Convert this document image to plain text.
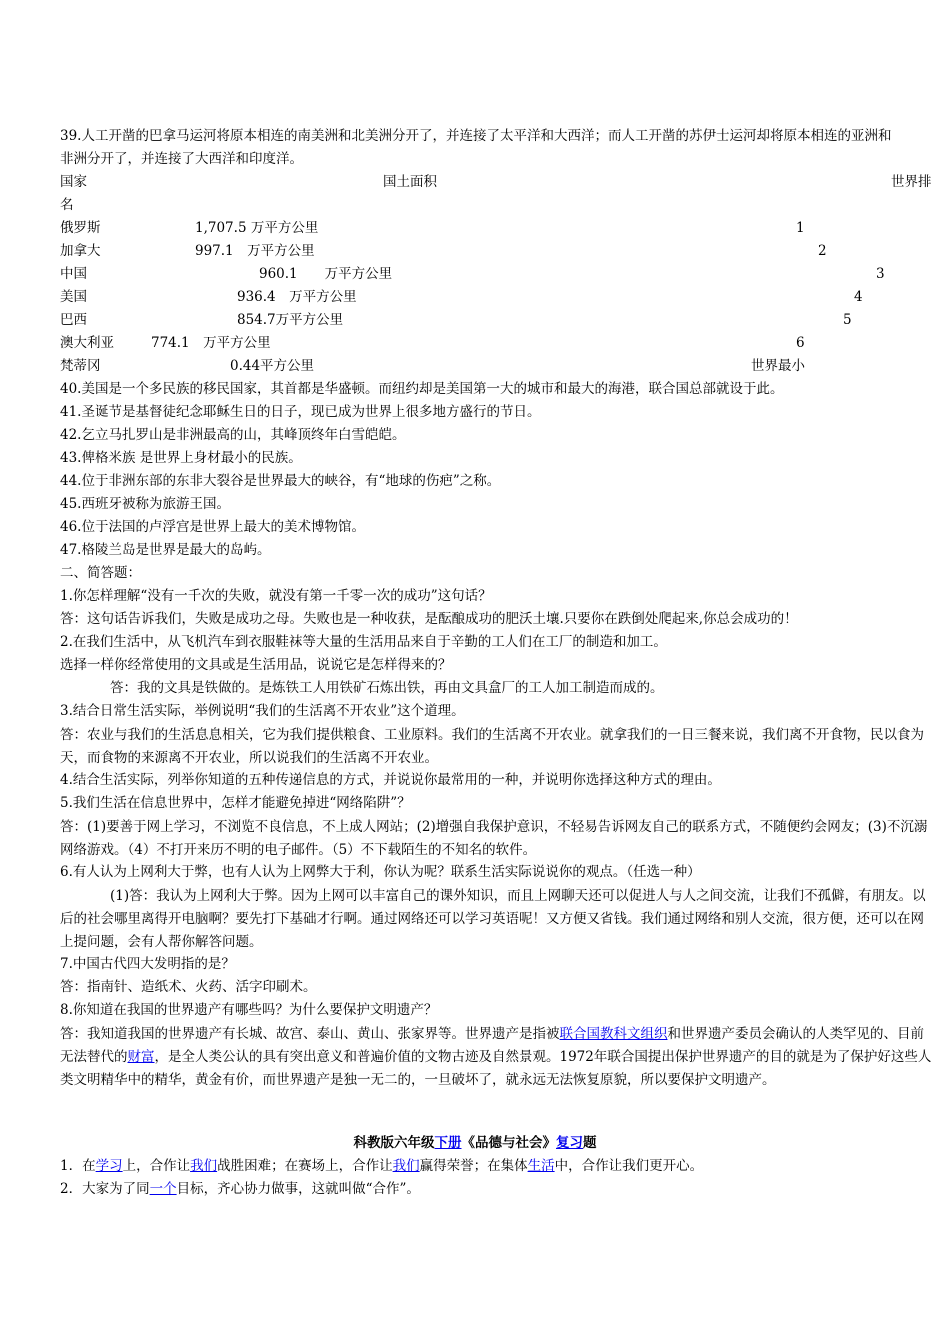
39.人工开凿的巴拿马运河将原本相连的南美洲和北美洲分开了，并连接了太平洋和大西洋；而人工开凿的苏伊士运河却将原本相连的亚洲和
非洲分开了，并连接了大西洋和印度洋。
国家	国土面积	世界排
名
俄罗斯	1,707.5 万平方公里	1
加拿大	997.1　万平方公里	2
中国	960.1　　万平方公里	3
美国	936.4　万平方公里	4
巴西	854.7万平方公里	5
澳大利亚	774.1　万平方公里	6
梵蒂冈	0.44平方公里	世界最小
40.美国是一个多民族的移民国家，其首都是华盛顿。而纽约却是美国第一大的城市和最大的海港，联合国总部就设于此。
41.圣诞节是基督徒纪念耶稣生日的日子，现已成为世界上很多地方盛行的节日。
42.乞立马扎罗山是非洲最高的山，其峰顶终年白雪皑皑。
43.俾格米族 是世界上身材最小的民族。
44.位于非洲东部的东非大裂谷是世界最大的峡谷，有“地球的伤疤”之称。
45.西班牙被称为旅游王国。
46.位于法国的卢浮宫是世界上最大的美术博物馆。
47.格陵兰岛是世界是最大的岛屿。
二、简答题：
1.你怎样理解“没有一千次的失败，就没有第一千零一次的成功”这句话？
答：这句话告诉我们，失败是成功之母。失败也是一种收获，是酝酿成功的肥沃土壤.只要你在跌倒处爬起来,你总会成功的！
2.在我们生活中，从飞机汽车到衣服鞋袜等大量的生活用品来自于辛勤的工人们在工厂的制造和加工。
选择一样你经常使用的文具或是生活用品，说说它是怎样得来的？
答：我的文具是铁做的。是炼铁工人用铁矿石炼出铁，再由文具盒厂的工人加工制造而成的。
3.结合日常生活实际，举例说明“我们的生活离不开农业”这个道理。
答：农业与我们的生活息息相关，它为我们提供粮食、工业原料。我们的生活离不开农业。就拿我们的一日三餐来说，我们离不开食物，民以食为天，而食物的来源离不开农业，所以说我们的生活离不开农业。
4.结合生活实际，列举你知道的五种传递信息的方式，并说说你最常用的一种，并说明你选择这种方式的理由。
5.我们生活在信息世界中，怎样才能避免掉进“网络陷阱”？
答：(1)要善于网上学习，不浏览不良信息，不上成人网站；(2)增强自我保护意识，不轻易告诉网友自己的联系方式，不随便约会网友；(3)不沉溺网络游戏。（4）不打开来历不明的电子邮件。（5）不下载陌生的不知名的软件。
6.有人认为上网利大于弊，也有人认为上网弊大于利，你认为呢？联系生活实际说说你的观点。（任选一种）
(1)答：我认为上网利大于弊。因为上网可以丰富自己的课外知识，而且上网聊天还可以促进人与人之间交流，让我们不孤僻，有朋友。以后的社会哪里离得开电脑啊？要先打下基础才行啊。通过网络还可以学习英语呢！又方便又省钱。我们通过网络和别人交流，很方便，还可以在网上提问题，会有人帮你解答问题。
7.中国古代四大发明指的是？
答：指南针、造纸术、火药、活字印刷术。
8.你知道在我国的世界遗产有哪些吗？为什么要保护文明遗产？
答：我知道我国的世界遗产有长城、故宫、泰山、黄山、张家界等。世界遗产是指被联合国教科文组织和世界遗产委员会确认的人类罕见的、目前无法替代的财富，是全人类公认的具有突出意义和普遍价值的文物古迹及自然景观。1972年联合国提出保护世界遗产的目的就是为了保护好这些人类文明精华中的精华，黄金有价，而世界遗产是独一无二的，一旦破坏了，就永远无法恢复原貌，所以要保护文明遗产。
科教版六年级下册《品德与社会》复习题
1．在学习上，合作让我们战胜困难；在赛场上，合作让我们赢得荣誉；在集体生活中，合作让我们更开心。
2．大家为了同一个目标，齐心协力做事，这就叫做“合作”。
